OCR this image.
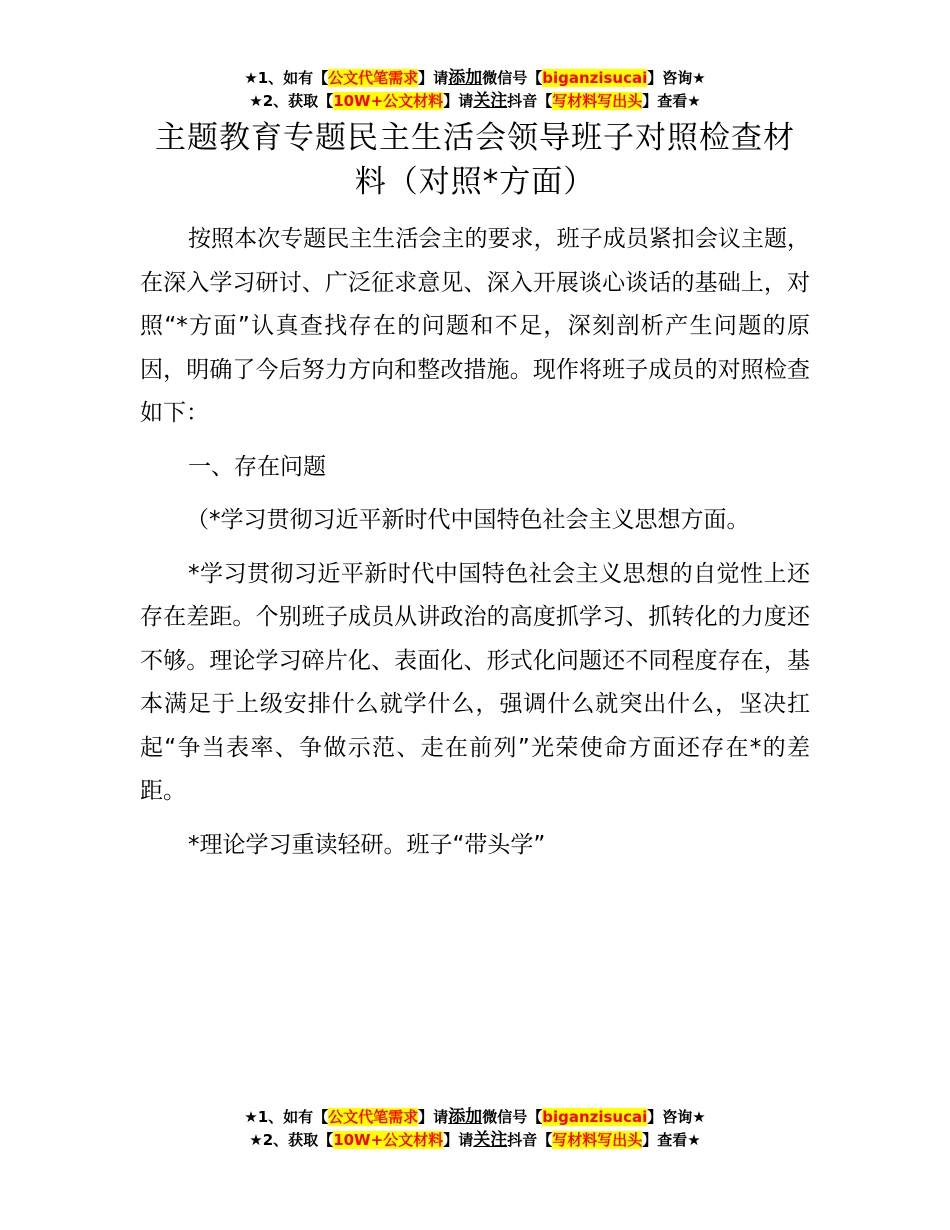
★1、如有【公文代笔需求】请添加微信号【biganzisucai】咨询★
★2、获取【10W+公文材料】请关注抖音【写材料写出头】查看★
主题教育专题民主生活会领导班子对照检查材料（对照*方面）

按照本次专题民主生活会主的要求，班子成员紧扣会议主题，在深入学习研讨、广泛征求意见、深入开展谈心谈话的基础上，对照“*方面”认真查找存在的问题和不足，深刻剖析产生问题的原因，明确了今后努力方向和整改措施。现作将班子成员的对照检查如下：

一、存在问题

（*学习贯彻习近平新时代中国特色社会主义思想方面。

*学习贯彻习近平新时代中国特色社会主义思想的自觉性上还存在差距。个别班子成员从讲政治的高度抓学习、抓转化的力度还不够。理论学习碎片化、表面化、形式化问题还不同程度存在，基本满足于上级安排什么就学什么，强调什么就突出什么，坚决扛起“争当表率、争做示范、走在前列”光荣使命方面还存在*的差距。

*理论学习重读轻研。班子“带头学”

★1、如有【公文代笔需求】请添加微信号【biganzisucai】咨询★
★2、获取【10W+公文材料】请关注抖音【写材料写出头】查看★
